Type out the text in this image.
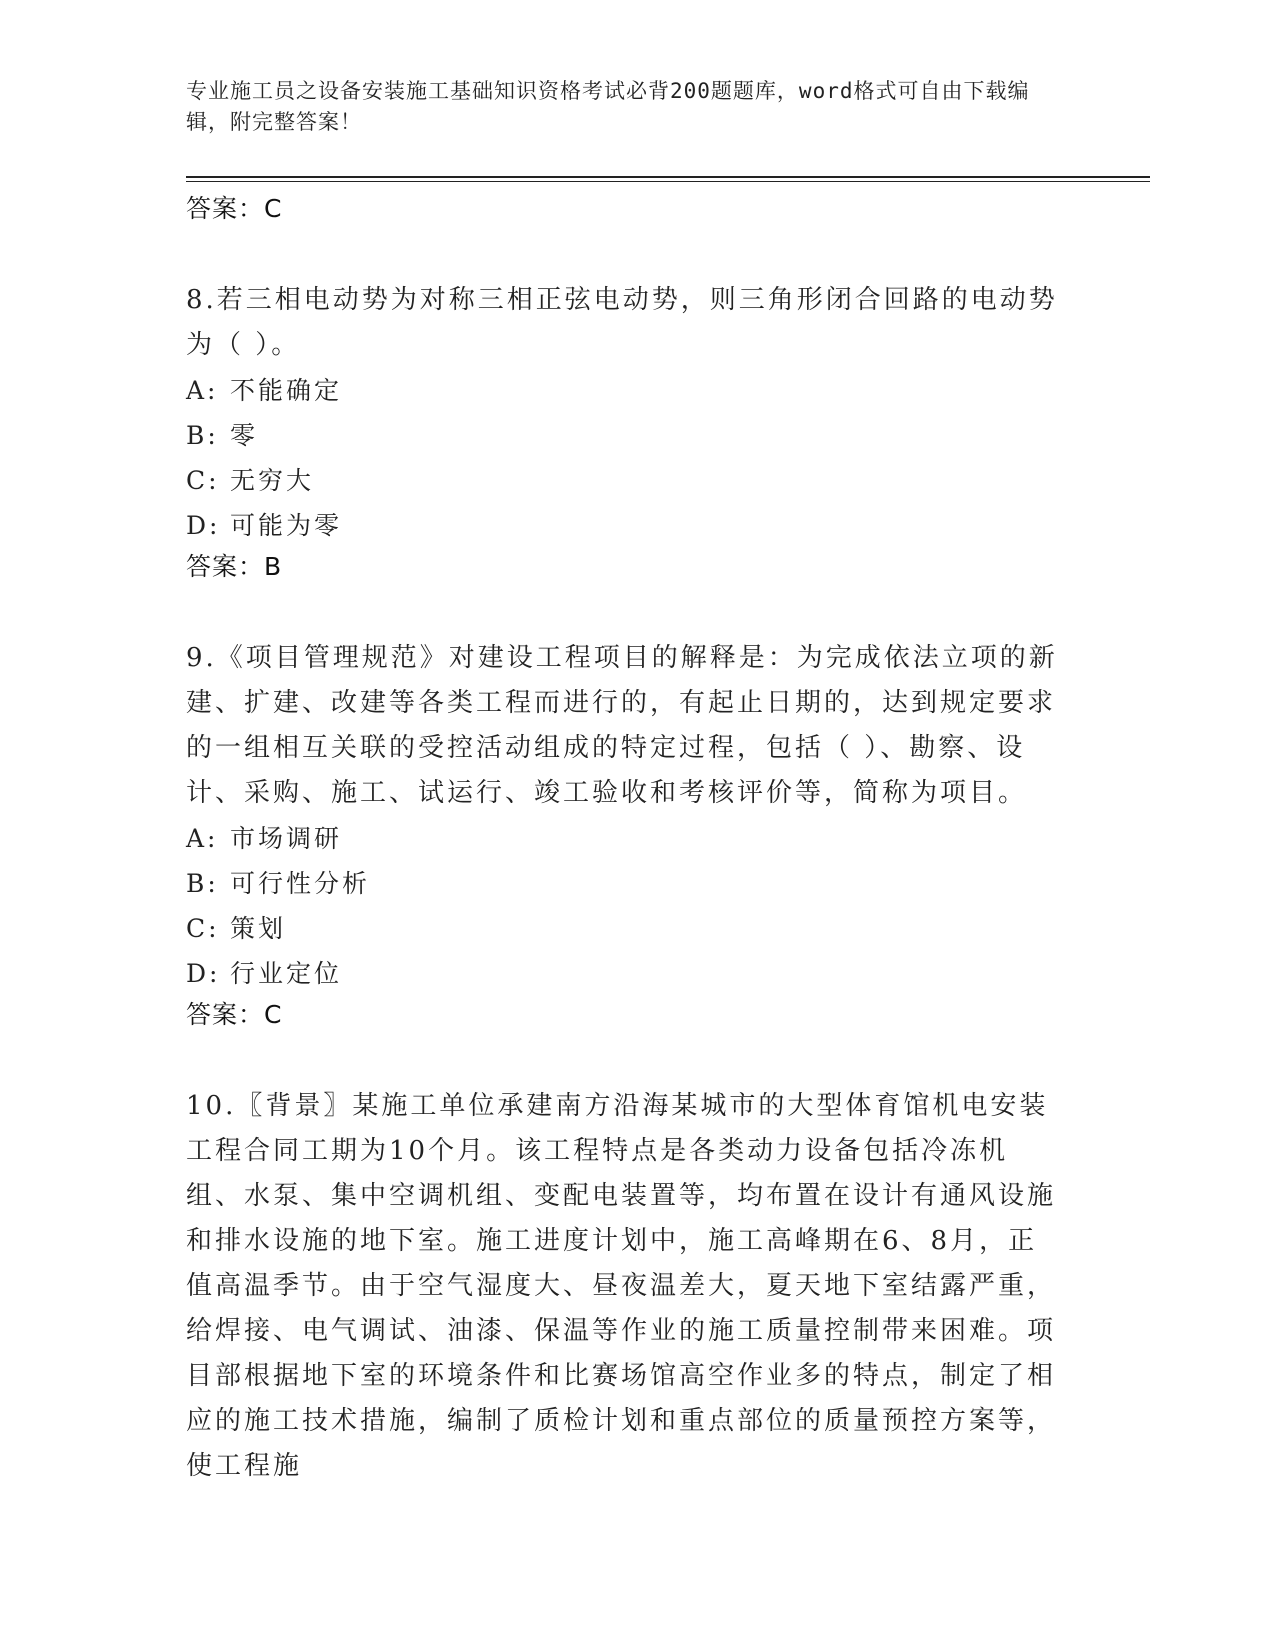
专业施工员之设备安装施工基础知识资格考试必背200题题库，word格式可自由下载编辑，附完整答案！

答案：C

8.若三相电动势为对称三相正弦电动势，则三角形闭合回路的电动势为（ ）。

A: 不能确定

B: 零

C: 无穷大

D: 可能为零

答案：B

9.《项目管理规范》对建设工程项目的解释是：为完成依法立项的新建、扩建、改建等各类工程而进行的，有起止日期的，达到规定要求的一组相互关联的受控活动组成的特定过程，包括（ ）、勘察、设计、采购、施工、试运行、竣工验收和考核评价等，简称为项目。

A: 市场调研

B: 可行性分析

C: 策划

D: 行业定位

答案：C

10.〖背景〗某施工单位承建南方沿海某城市的大型体育馆机电安装工程合同工期为10个月。该工程特点是各类动力设备包括冷冻机组、水泵、集中空调机组、变配电装置等，均布置在设计有通风设施和排水设施的地下室。施工进度计划中，施工高峰期在6、8月，正值高温季节。由于空气湿度大、昼夜温差大，夏天地下室结露严重，给焊接、电气调试、油漆、保温等作业的施工质量控制带来困难。项目部根据地下室的环境条件和比赛场馆高空作业多的特点，制定了相应的施工技术措施，编制了质检计划和重点部位的质量预控方案等，使工程施
